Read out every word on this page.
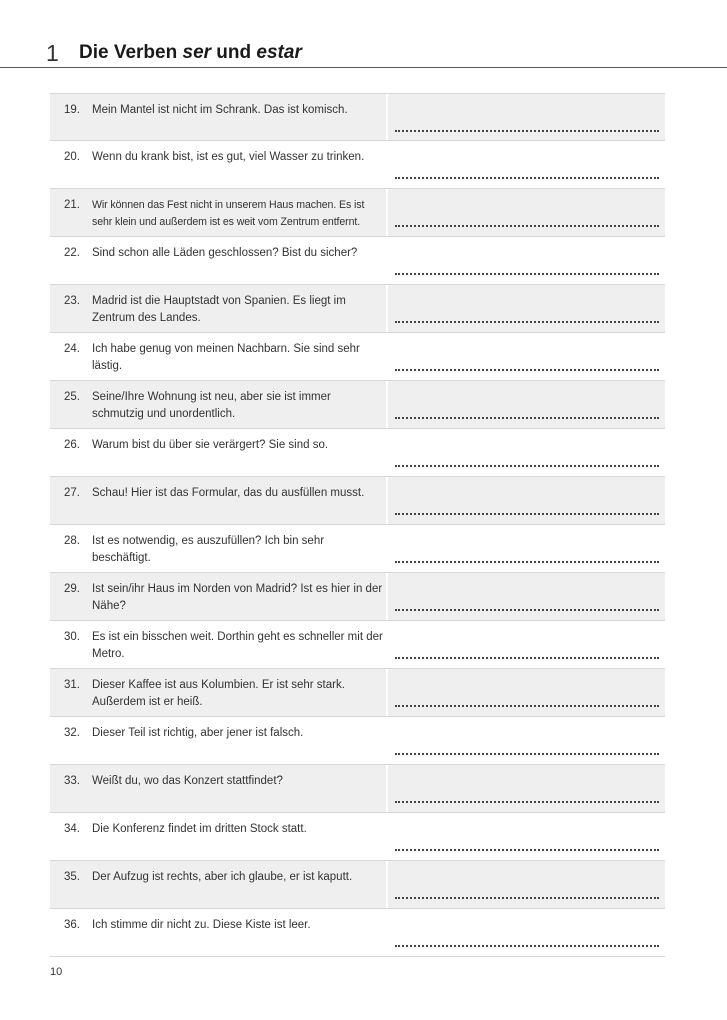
1 Die Verben ser und estar
19. Mein Mantel ist nicht im Schrank. Das ist komisch.
20. Wenn du krank bist, ist es gut, viel Wasser zu trinken.
21. Wir können das Fest nicht in unserem Haus machen. Es ist sehr klein und außerdem ist es weit vom Zentrum entfernt.
22. Sind schon alle Läden geschlossen? Bist du sicher?
23. Madrid ist die Hauptstadt von Spanien. Es liegt im Zentrum des Landes.
24. Ich habe genug von meinen Nachbarn. Sie sind sehr lästig.
25. Seine/Ihre Wohnung ist neu, aber sie ist immer schmutzig und unordentlich.
26. Warum bist du über sie verärgert? Sie sind so.
27. Schau! Hier ist das Formular, das du ausfüllen musst.
28. Ist es notwendig, es auszufüllen? Ich bin sehr beschäftigt.
29. Ist sein/ihr Haus im Norden von Madrid? Ist es hier in der Nähe?
30. Es ist ein bisschen weit. Dorthin geht es schneller mit der Metro.
31. Dieser Kaffee ist aus Kolumbien. Er ist sehr stark. Außerdem ist er heiß.
32. Dieser Teil ist richtig, aber jener ist falsch.
33. Weißt du, wo das Konzert stattfindet?
34. Die Konferenz findet im dritten Stock statt.
35. Der Aufzug ist rechts, aber ich glaube, er ist kaputt.
36. Ich stimme dir nicht zu. Diese Kiste ist leer.
10
